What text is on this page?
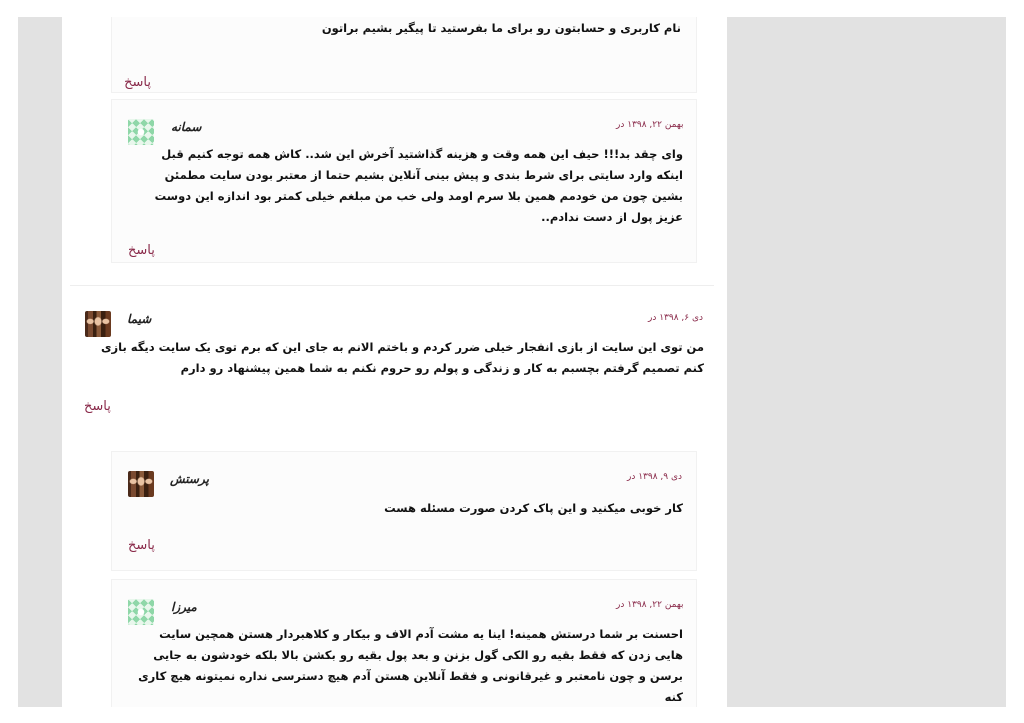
نام کاربری و حسابتون رو برای ما بفرستید تا پیگیر بشیم براتون
پاسخ
بهمن ۲۲, ۱۳۹۸ در
سمانه
وای چقد بد!!! حیف این همه وقت و هزینه گذاشتید آخرش این شد.. کاش همه توجه کنیم قبل اینکه وارد سایتی برای شرط بندی و پیش بینی آنلاین بشیم حتما از معتبر بودن سایت مطمئن بشین چون من خودمم همین بلا سرم اومد ولی خب من مبلغم خیلی کمتر بود اندازه این دوست عزیز پول از دست ندادم..
پاسخ
دی ۶, ۱۳۹۸ در
شیما
من توی این سایت از بازی انفجار خیلی ضرر کردم و باختم الانم به جای این که برم توی یک سایت دیگه بازی کنم تصمیم گرفتم بچسبم به کار و زندگی و پولم رو حروم نکنم به شما همین پیشنهاد رو دارم
پاسخ
دی ۹, ۱۳۹۸ در
پرستش
کار خوبی میکنید و این پاک کردن صورت مسئله هست
پاسخ
بهمن ۲۲, ۱۳۹۸ در
میرزا
احسنت بر شما درستش همینه! اینا یه مشت آدم الاف و بیکار و کلاهبردار هستن همچین سایت هایی زدن که فقط بقیه رو الکی گول بزنن و بعد پول بقیه رو بکشن بالا بلکه خودشون به جایی برسن و چون نامعتبر و غیرقانونی و فقط آنلاین هستن آدم هیچ دسترسی نداره نمیتونه هیچ کاری کنه
